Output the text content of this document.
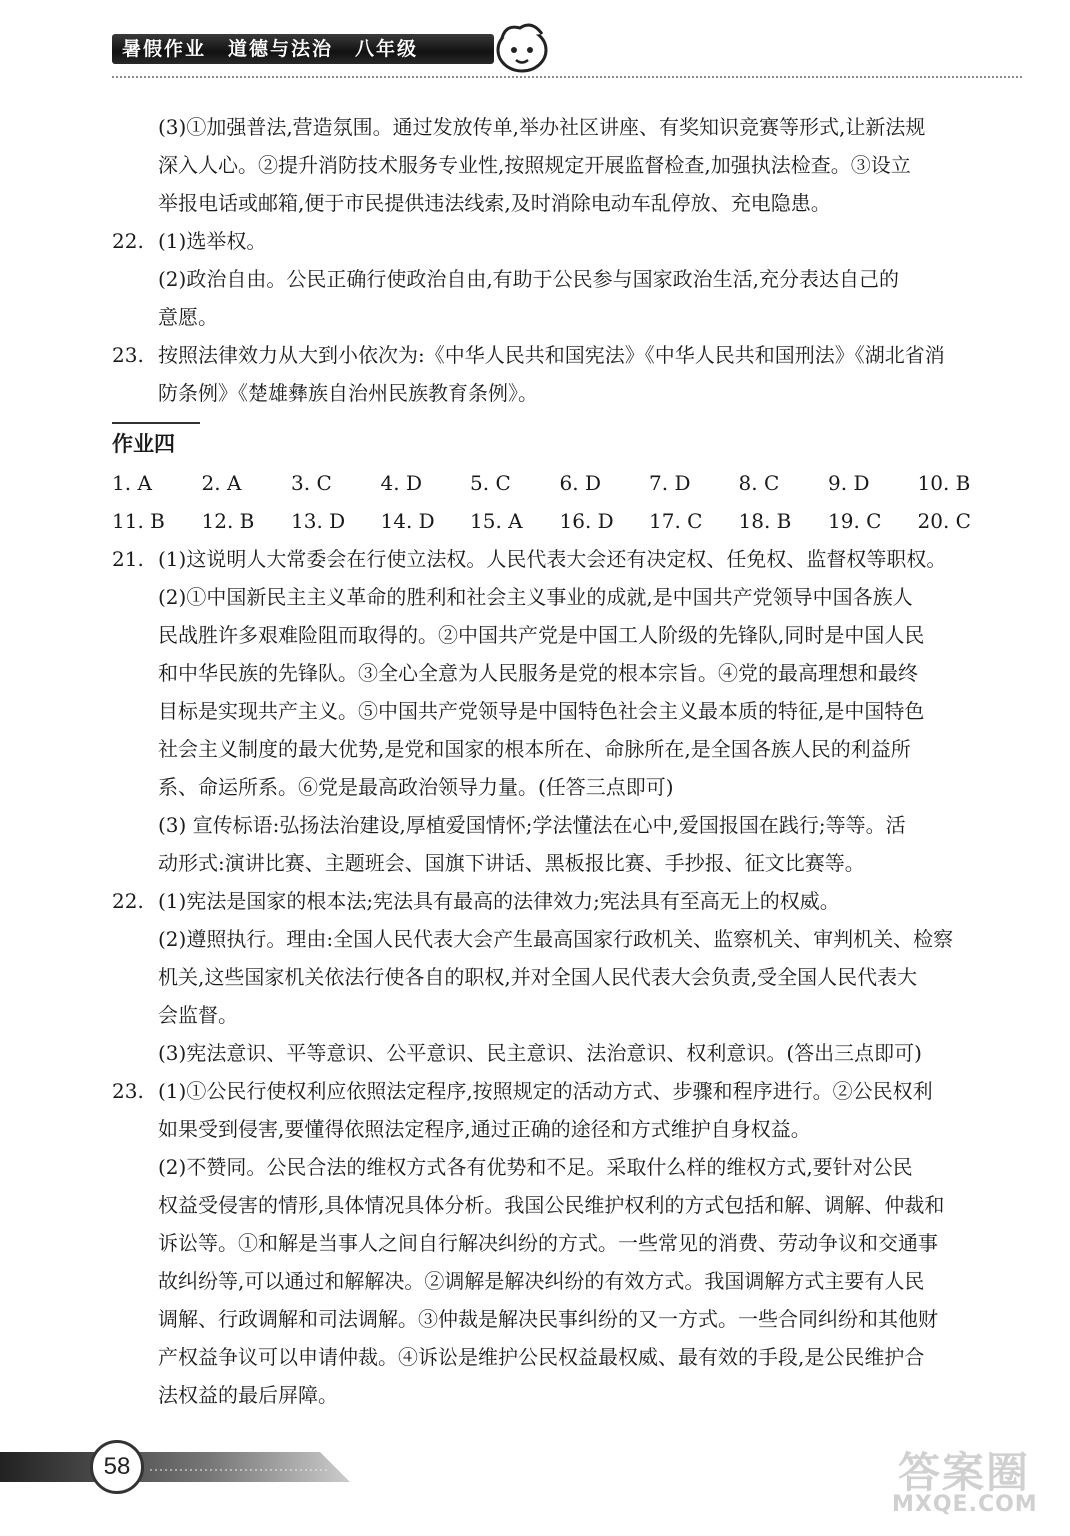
暑假作业 道德与法治 八年级

(3)①加强普法,营造氛围。通过发放传单,举办社区讲座、有奖知识竞赛等形式,让新法规

深入人心。②提升消防技术服务专业性,按照规定开展监督检查,加强执法检查。③设立

举报电话或邮箱,便于市民提供违法线索,及时消除电动车乱停放、充电隐患。

22. (1)选举权。

(2)政治自由。公民正确行使政治自由,有助于公民参与国家政治生活,充分表达自己的

意愿。

23. 按照法律效力从大到小依次为:《中华人民共和国宪法》《中华人民共和国刑法》《湖北省消

防条例》《楚雄彝族自治州民族教育条例》。

作业四
1. A	2. A	3. C	4. D	5. C	6. D	7. D	8. C	9. D	10. B
11. B	12. B	13. D	14. D	15. A	16. D	17. C	18. B	19. C	20. C

21. (1)这说明人大常委会在行使立法权。人民代表大会还有决定权、任免权、监督权等职权。

(2)①中国新民主主义革命的胜利和社会主义事业的成就,是中国共产党领导中国各族人

民战胜许多艰难险阻而取得的。②中国共产党是中国工人阶级的先锋队,同时是中国人民

和中华民族的先锋队。③全心全意为人民服务是党的根本宗旨。④党的最高理想和最终

目标是实现共产主义。⑤中国共产党领导是中国特色社会主义最本质的特征,是中国特色

社会主义制度的最大优势,是党和国家的根本所在、命脉所在,是全国各族人民的利益所

系、命运所系。⑥党是最高政治领导力量。(任答三点即可)

(3) 宣传标语:弘扬法治建设,厚植爱国情怀;学法懂法在心中,爱国报国在践行;等等。活

动形式:演讲比赛、主题班会、国旗下讲话、黑板报比赛、手抄报、征文比赛等。

22. (1)宪法是国家的根本法;宪法具有最高的法律效力;宪法具有至高无上的权威。

(2)遵照执行。理由:全国人民代表大会产生最高国家行政机关、监察机关、审判机关、检察

机关,这些国家机关依法行使各自的职权,并对全国人民代表大会负责,受全国人民代表大

会监督。

(3)宪法意识、平等意识、公平意识、民主意识、法治意识、权利意识。(答出三点即可)

23. (1)①公民行使权利应依照法定程序,按照规定的活动方式、步骤和程序进行。②公民权利

如果受到侵害,要懂得依照法定程序,通过正确的途径和方式维护自身权益。

(2)不赞同。公民合法的维权方式各有优势和不足。采取什么样的维权方式,要针对公民

权益受侵害的情形,具体情况具体分析。我国公民维护权利的方式包括和解、调解、仲裁和

诉讼等。①和解是当事人之间自行解决纠纷的方式。一些常见的消费、劳动争议和交通事

故纠纷等,可以通过和解解决。②调解是解决纠纷的有效方式。我国调解方式主要有人民

调解、行政调解和司法调解。③仲裁是解决民事纠纷的又一方式。一些合同纠纷和其他财

产权益争议可以申请仲裁。④诉讼是维护公民权益最权威、最有效的手段,是公民维护合

法权益的最后屏障。

58	答案圈
MXQE.COM
